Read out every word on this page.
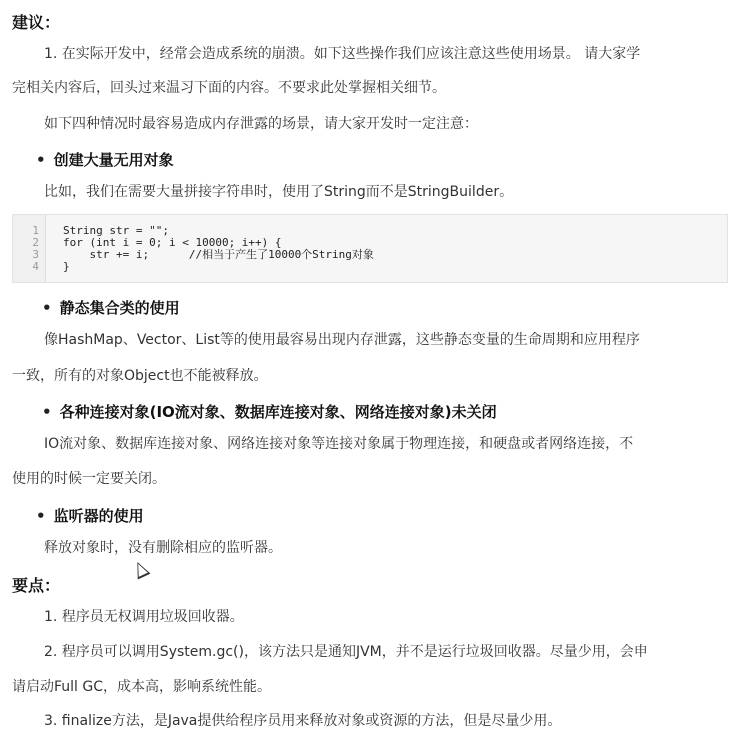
建议：
1. 在实际开发中，经常会造成系统的崩溃。如下这些操作我们应该注意这些使用场景。 请大家学
完相关内容后，回头过来温习下面的内容。不要求此处掌握相关细节。
如下四种情况时最容易造成内存泄露的场景，请大家开发时一定注意：
• 创建大量无用对象
比如，我们在需要大量拼接字符串时，使用了String而不是StringBuilder。
1
2
3
4
String str = "";
for (int i = 0; i < 10000; i++) {
str += i;      //相当于产生了10000个String对象
}
• 静态集合类的使用
像HashMap、Vector、List等的使用最容易出现内存泄露，这些静态变量的生命周期和应用程序
一致，所有的对象Object也不能被释放。
• 各种连接对象(IO流对象、数据库连接对象、网络连接对象)未关闭
IO流对象、数据库连接对象、网络连接对象等连接对象属于物理连接，和硬盘或者网络连接，不
使用的时候一定要关闭。
• 监听器的使用
释放对象时，没有删除相应的监听器。
要点：
1. 程序员无权调用垃圾回收器。
2. 程序员可以调用System.gc()，该方法只是通知JVM，并不是运行垃圾回收器。尽量少用，会申
请启动Full GC，成本高，影响系统性能。
3. finalize方法，是Java提供给程序员用来释放对象或资源的方法，但是尽量少用。
